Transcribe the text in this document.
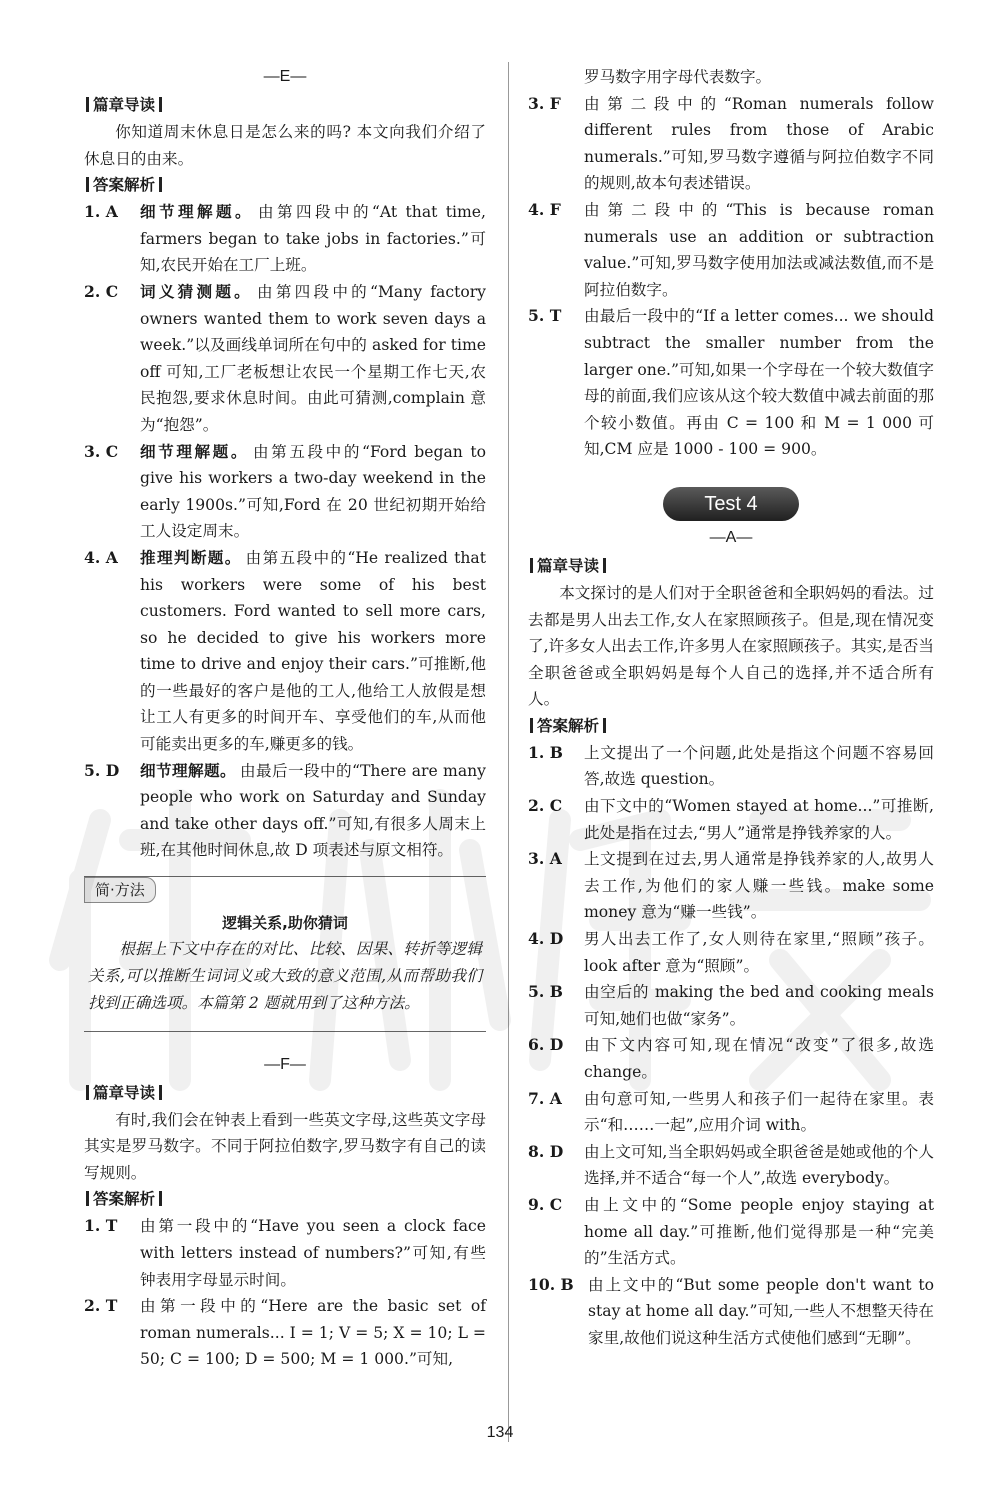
—E—
篇章导读

你知道周末休息日是怎么来的吗? 本文向我们介绍了休息日的由来。

答案解析
1. A	细节理解题。 由第四段中的“At that time, farmers began to take jobs in factories.”可知,农民开始在工厂上班。
2. C	词义猜测题。 由第四段中的“Many factory owners wanted them to work seven days a week.”以及画线单词所在句中的 asked for time off 可知,工厂老板想让农民一个星期工作七天,农民抱怨,要求休息时间。由此可猜测,complain 意为“抱怨”。
3. C	细节理解题。 由第五段中的“Ford began to give his workers a two-day weekend in the early 1900s.”可知,Ford 在 20 世纪初期开始给工人设定周末。
4. A	推理判断题。 由第五段中的“He realized that his workers were some of his best customers. Ford wanted to sell more cars, so he decided to give his workers more time to drive and enjoy their cars.”可推断,他的一些最好的客户是他的工人,他给工人放假是想让工人有更多的时间开车、享受他们的车,从而他可能卖出更多的车,赚更多的钱。
5. D	细节理解题。 由最后一段中的“There are many people who work on Saturday and Sunday and take other days off.”可知,有很多人周末上班,在其他时间休息,故 D 项表述与原文相符。
简·方法
逻辑关系,助你猜词
根据上下文中存在的对比、比较、因果、转折等逻辑关系,可以推断生词词义或大致的意义范围,从而帮助我们找到正确选项。本篇第 2 题就用到了这种方法。
—F—
篇章导读

有时,我们会在钟表上看到一些英文字母,这些英文字母其实是罗马数字。不同于阿拉伯数字,罗马数字有自己的读写规则。

答案解析
1. T	由第一段中的“Have you seen a clock face with letters instead of numbers?”可知,有些钟表用字母显示时间。
2. T	由第一段中的“Here are the basic set of roman numerals... I = 1; V = 5; X = 10; L = 50; C = 100; D = 500; M = 1 000.”可知,

罗马数字用字母代表数字。

3. F	由第二段中的“Roman numerals follow different rules from those of Arabic numerals.”可知,罗马数字遵循与阿拉伯数字不同的规则,故本句表述错误。
4. F	由第二段中的“This is because roman numerals use an addition or subtraction value.”可知,罗马数字使用加法或减法数值,而不是阿拉伯数字。
5. T	由最后一段中的“If a letter comes... we should subtract the smaller number from the larger one.”可知,如果一个字母在一个较大数值字母的前面,我们应该从这个较大数值中减去前面的那个较小数值。再由 C = 100 和 M = 1 000 可知,CM 应是 1000 - 100 = 900。
Test 4
—A—
篇章导读

本文探讨的是人们对于全职爸爸和全职妈妈的看法。过去都是男人出去工作,女人在家照顾孩子。但是,现在情况变了,许多女人出去工作,许多男人在家照顾孩子。其实,是否当全职爸爸或全职妈妈是每个人自己的选择,并不适合所有人。

答案解析
1. B	上文提出了一个问题,此处是指这个问题不容易回答,故选 question。
2. C	由下文中的“Women stayed at home...”可推断,此处是指在过去,“男人”通常是挣钱养家的人。
3. A	上文提到在过去,男人通常是挣钱养家的人,故男人去工作,为他们的家人赚一些钱。make some money 意为“赚一些钱”。
4. D	男人出去工作了,女人则待在家里,“照顾”孩子。look after 意为“照顾”。
5. B	由空后的 making the bed and cooking meals 可知,她们也做“家务”。
6. D	由下文内容可知,现在情况“改变”了很多,故选 change。
7. A	由句意可知,一些男人和孩子们一起待在家里。表示“和……一起”,应用介词 with。
8. D	由上文可知,当全职妈妈或全职爸爸是她或他的个人选择,并不适合“每一个人”,故选 everybody。
9. C	由上文中的“Some people enjoy staying at home all day.”可推断,他们觉得那是一种“完美的”生活方式。
10. B 由上文中的“But some people don't want to stay at home all day.”可知,一些人不想整天待在家里,故他们说这种生活方式使他们感到“无聊”。
134
